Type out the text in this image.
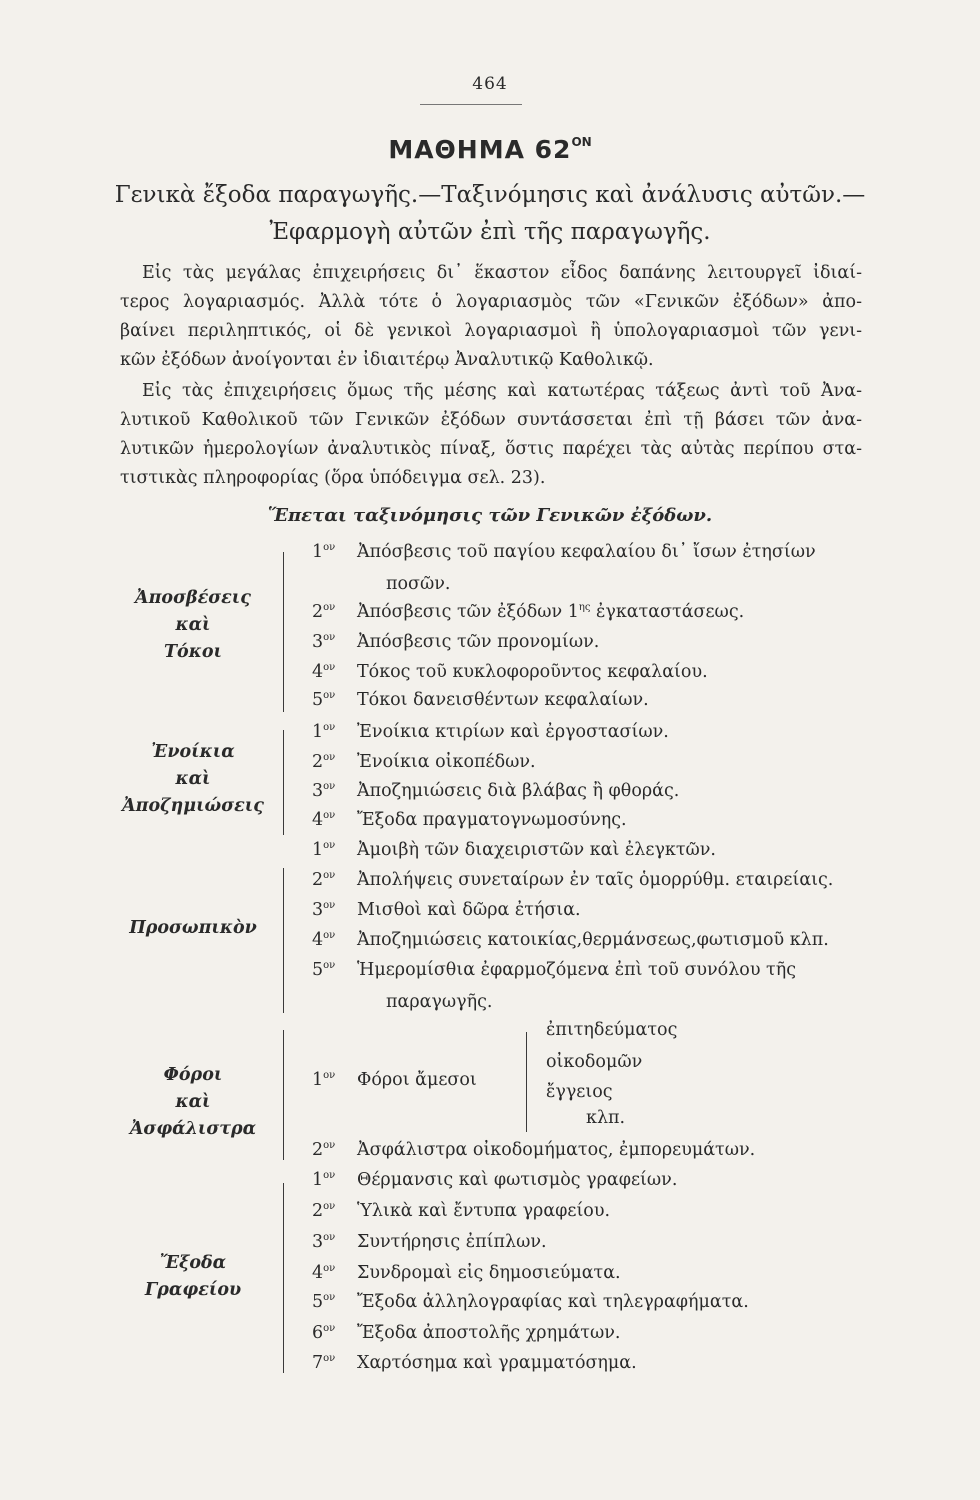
464
ΜΑΘΗΜΑ $62^{ON}$
Γενικὰ ἔξοδα παραγωγῆς.—Ταξινόμησις καὶ ἀνάλυσις αὐτῶν.—
Ἐφαρμογὴ αὐτῶν ἐπὶ τῆς παραγωγῆς.
Εἰς τὰς μεγάλας ἐπιχειρήσεις δι᾽ ἕκαστον εἶδος δαπάνης λειτουργεῖ ἰδιαί-
τερος λογαριασμός. Ἀλλὰ τότε ὁ λογαριασμὸς τῶν «Γενικῶν ἐξόδων» ἀπο-
βαίνει περιληπτικός, οἱ δὲ γενικοὶ λογαριασμοὶ ἢ ὑπολογαριασμοὶ τῶν γενι-
κῶν ἐξόδων ἀνοίγονται ἐν ἰδιαιτέρῳ Ἀναλυτικῷ Καθολικῷ.
Εἰς τὰς ἐπιχειρήσεις ὅμως τῆς μέσης καὶ κατωτέρας τάξεως ἀντὶ τοῦ Ἀνα-
λυτικοῦ Καθολικοῦ τῶν Γενικῶν ἐξόδων συντάσσεται ἐπὶ τῇ βάσει τῶν ἀνα-
λυτικῶν ἡμερολογίων ἀναλυτικὸς πίναξ, ὅστις παρέχει τὰς αὐτὰς περίπου στα-
τιστικὰς πληροφορίας (ὅρα ὑπόδειγμα σελ. 23).
Ἕπεται ταξινόμησις τῶν Γενικῶν ἐξόδων.
Ἀποσβέσεις
καὶ
Τόκοι
$1^{o\nu}$ Ἀπόσβεσις τοῦ παγίου κεφαλαίου δι᾽ ἴσων ἐτησίων
ποσῶν.
$2^{o\nu}$ Ἀπόσβεσις τῶν ἐξόδων $1^{\eta\varsigma}$ ἐγκαταστάσεως.
$3^{o\nu}$ Ἀπόσβεσις τῶν προνομίων.
$4^{o\nu}$ Τόκος τοῦ κυκλοφοροῦντος κεφαλαίου.
$5^{o\nu}$ Τόκοι δανεισθέντων κεφαλαίων.
Ἐνοίκια
καὶ
Ἀποζημιώσεις
$1^{o\nu}$ Ἐνοίκια κτιρίων καὶ ἐργοστασίων.
$2^{o\nu}$ Ἐνοίκια οἰκοπέδων.
$3^{o\nu}$ Ἀποζημιώσεις διὰ βλάβας ἢ φθοράς.
$4^{o\nu}$ Ἔξοδα πραγματογνωμοσύνης.
Προσωπικὸν
$1^{o\nu}$ Ἀμοιβὴ τῶν διαχειριστῶν καὶ ἐλεγκτῶν.
$2^{o\nu}$ Ἀπολήψεις συνεταίρων ἐν ταῖς ὁμορρύθμ. εταιρείαις.
$3^{o\nu}$ Μισθοὶ καὶ δῶρα ἐτήσια.
$4^{o\nu}$ Ἀποζημιώσεις κατοικίας,θερμάνσεως,φωτισμοῦ κλπ.
$5^{o\nu}$ Ἡμερομίσθια ἐφαρμοζόμενα ἐπὶ τοῦ συνόλου τῆς
παραγωγῆς.
Φόροι
καὶ
Ἀσφάλιστρα
$1^{o\nu}$ Φόροι ἄμεσοι
ἐπιτηδεύματος
οἰκοδομῶν
ἔγγειος
κλπ.
$2^{o\nu}$ Ἀσφάλιστρα οἰκοδομήματος, ἐμπορευμάτων.
Ἔξοδα
Γραφείου
$1^{o\nu}$ Θέρμανσις καὶ φωτισμὸς γραφείων.
$2^{o\nu}$ Ὑλικὰ καὶ ἔντυπα γραφείου.
$3^{o\nu}$ Συντήρησις ἐπίπλων.
$4^{o\nu}$ Συνδρομαὶ εἰς δημοσιεύματα.
$5^{o\nu}$ Ἔξοδα ἀλληλογραφίας καὶ τηλεγραφήματα.
$6^{o\nu}$ Ἔξοδα ἀποστολῆς χρημάτων.
$7^{o\nu}$ Χαρτόσημα καὶ γραμματόσημα.
